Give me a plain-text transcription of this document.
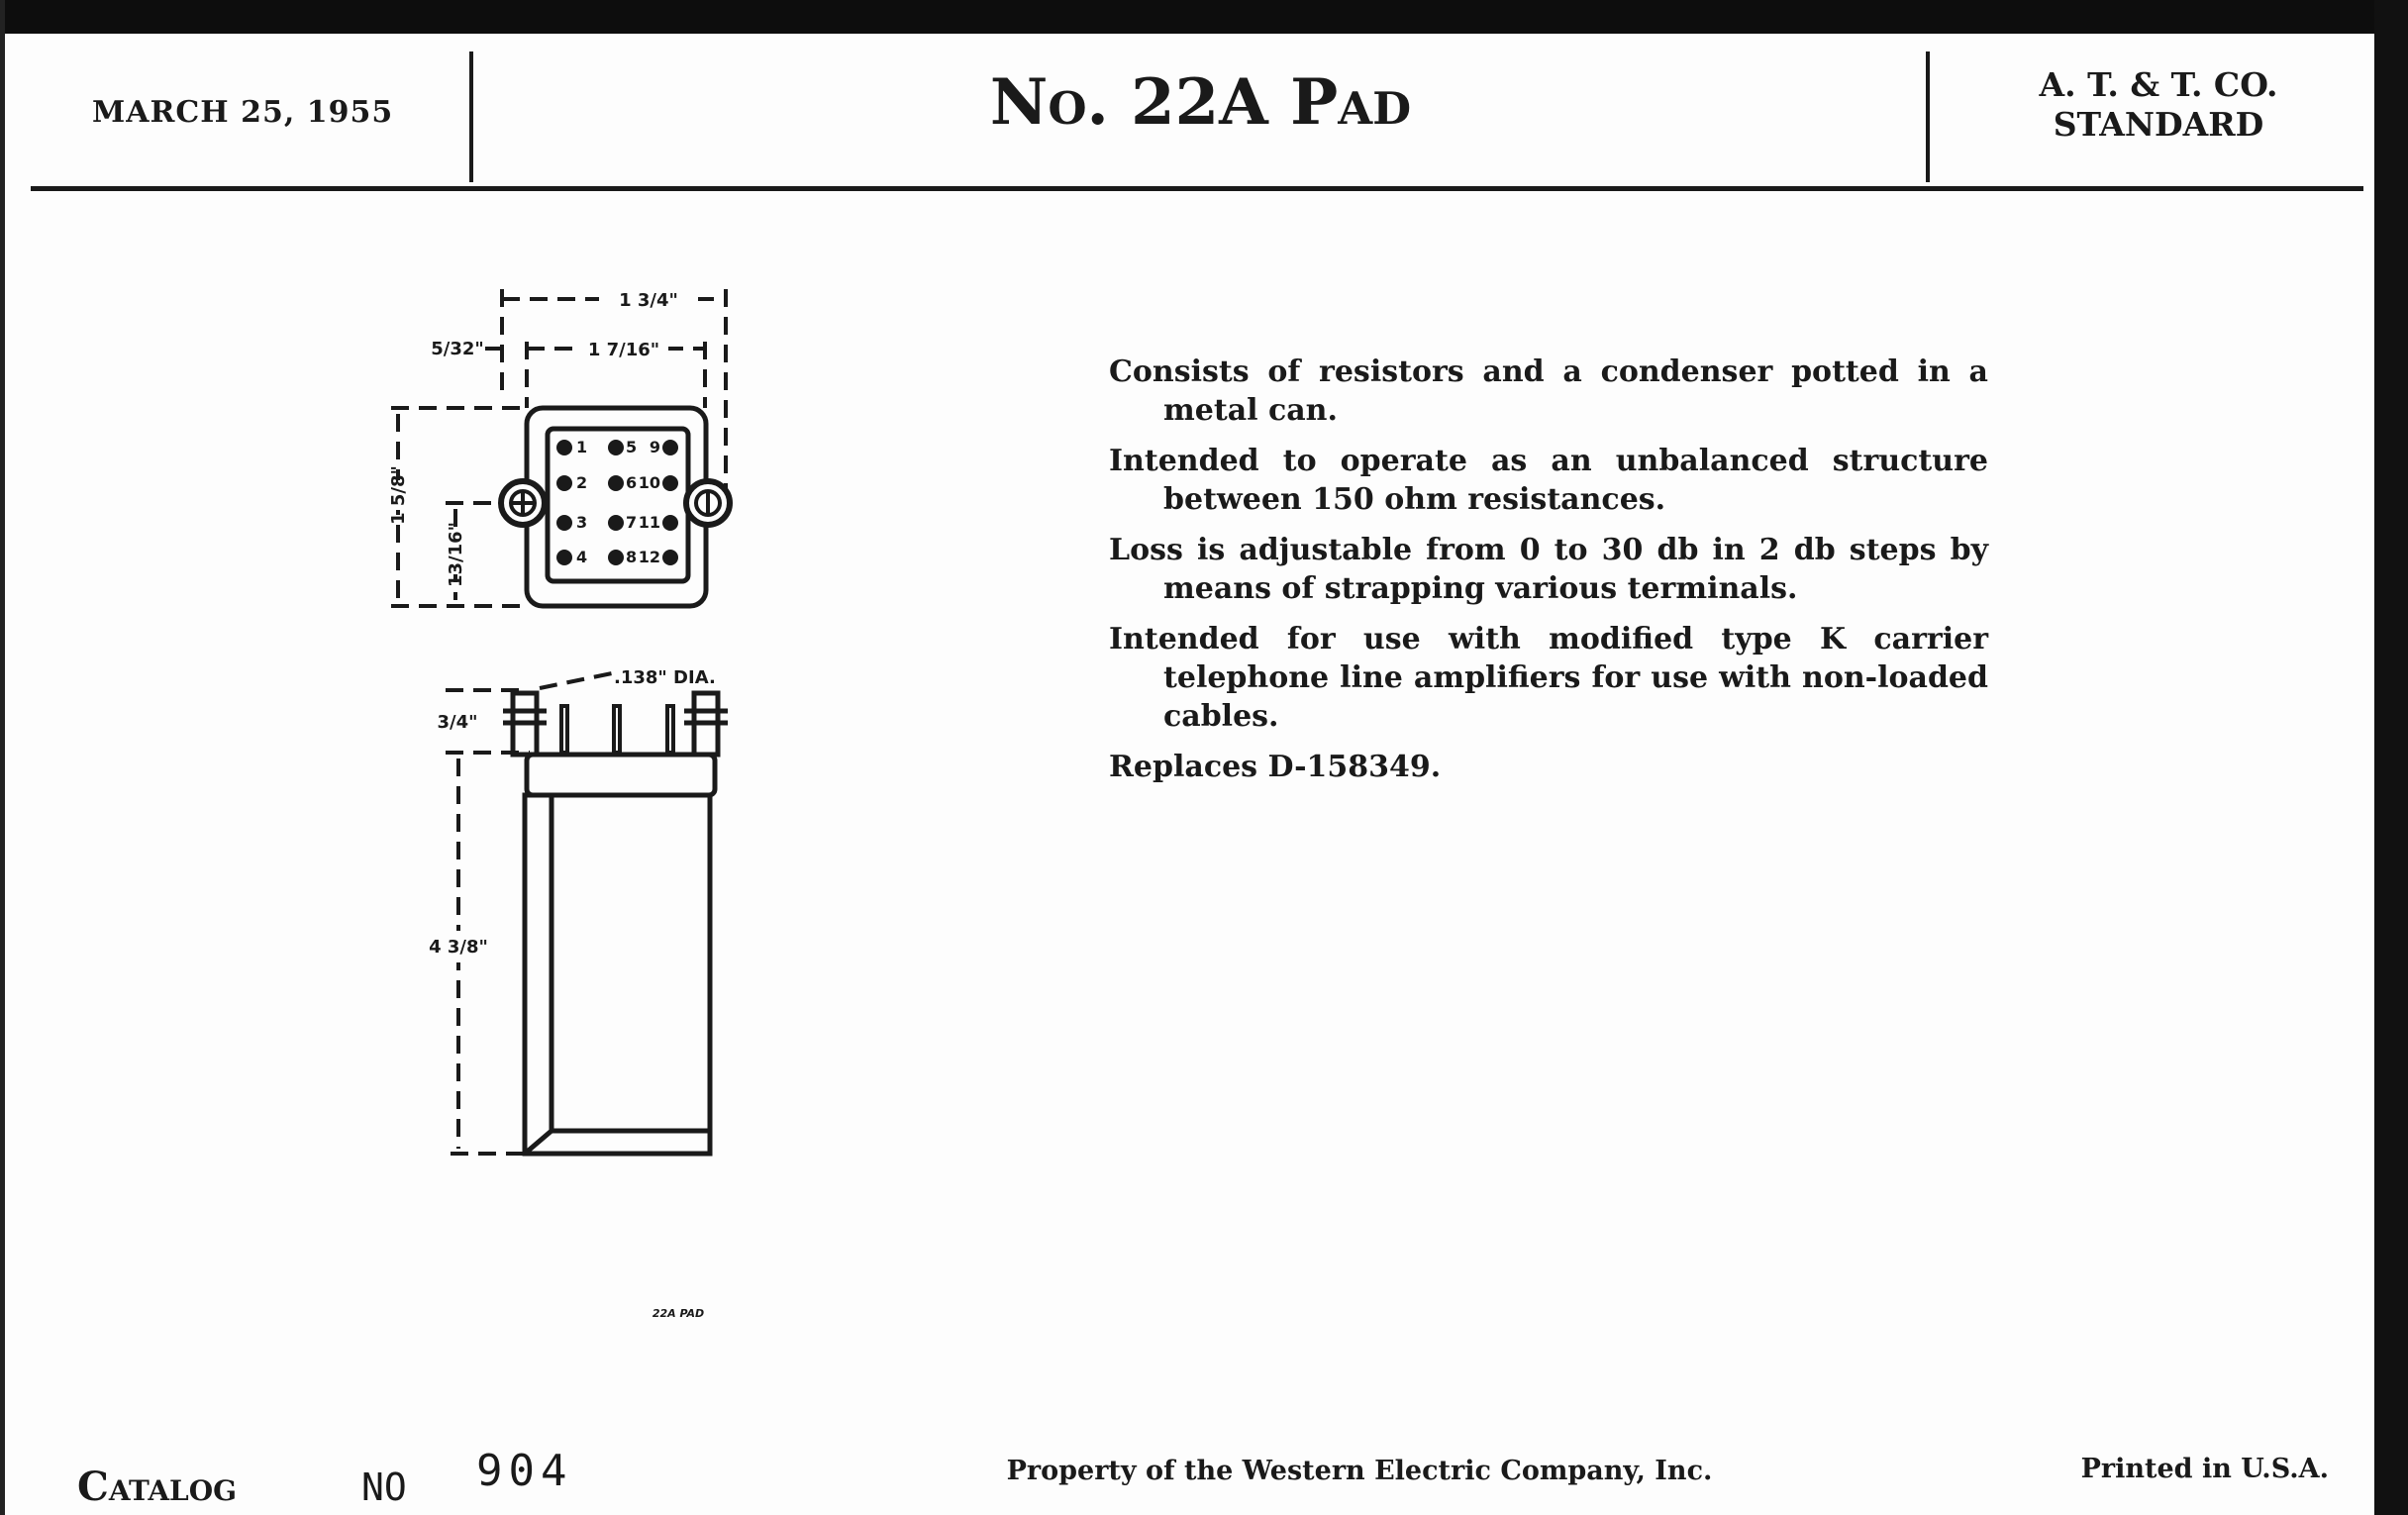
MARCH 25, 1955	No. 22A Pad	A. T. & T. CO.
STANDARD

Consists of resistors and a condenser potted in a metal can.

Intended to operate as an unbalanced structure between 150 ohm resistances.

Loss is adjustable from 0 to 30 db in 2 db steps by means of strapping various terminals.

Intended for use with modified type K carrier telephone line amplifiers for use with non-loaded cables.

Replaces D-158349.

1
2
3
4
5
6
7
8
9
10
11
12
1 3/4"
1 7/16"
5/32"
1 5/8"
13/16"
3/4"
4 3/8"
.138" DIA.
22A PAD
Catalog	NO 904	Property of the Western Electric Company, Inc.	Printed in U.S.A.
